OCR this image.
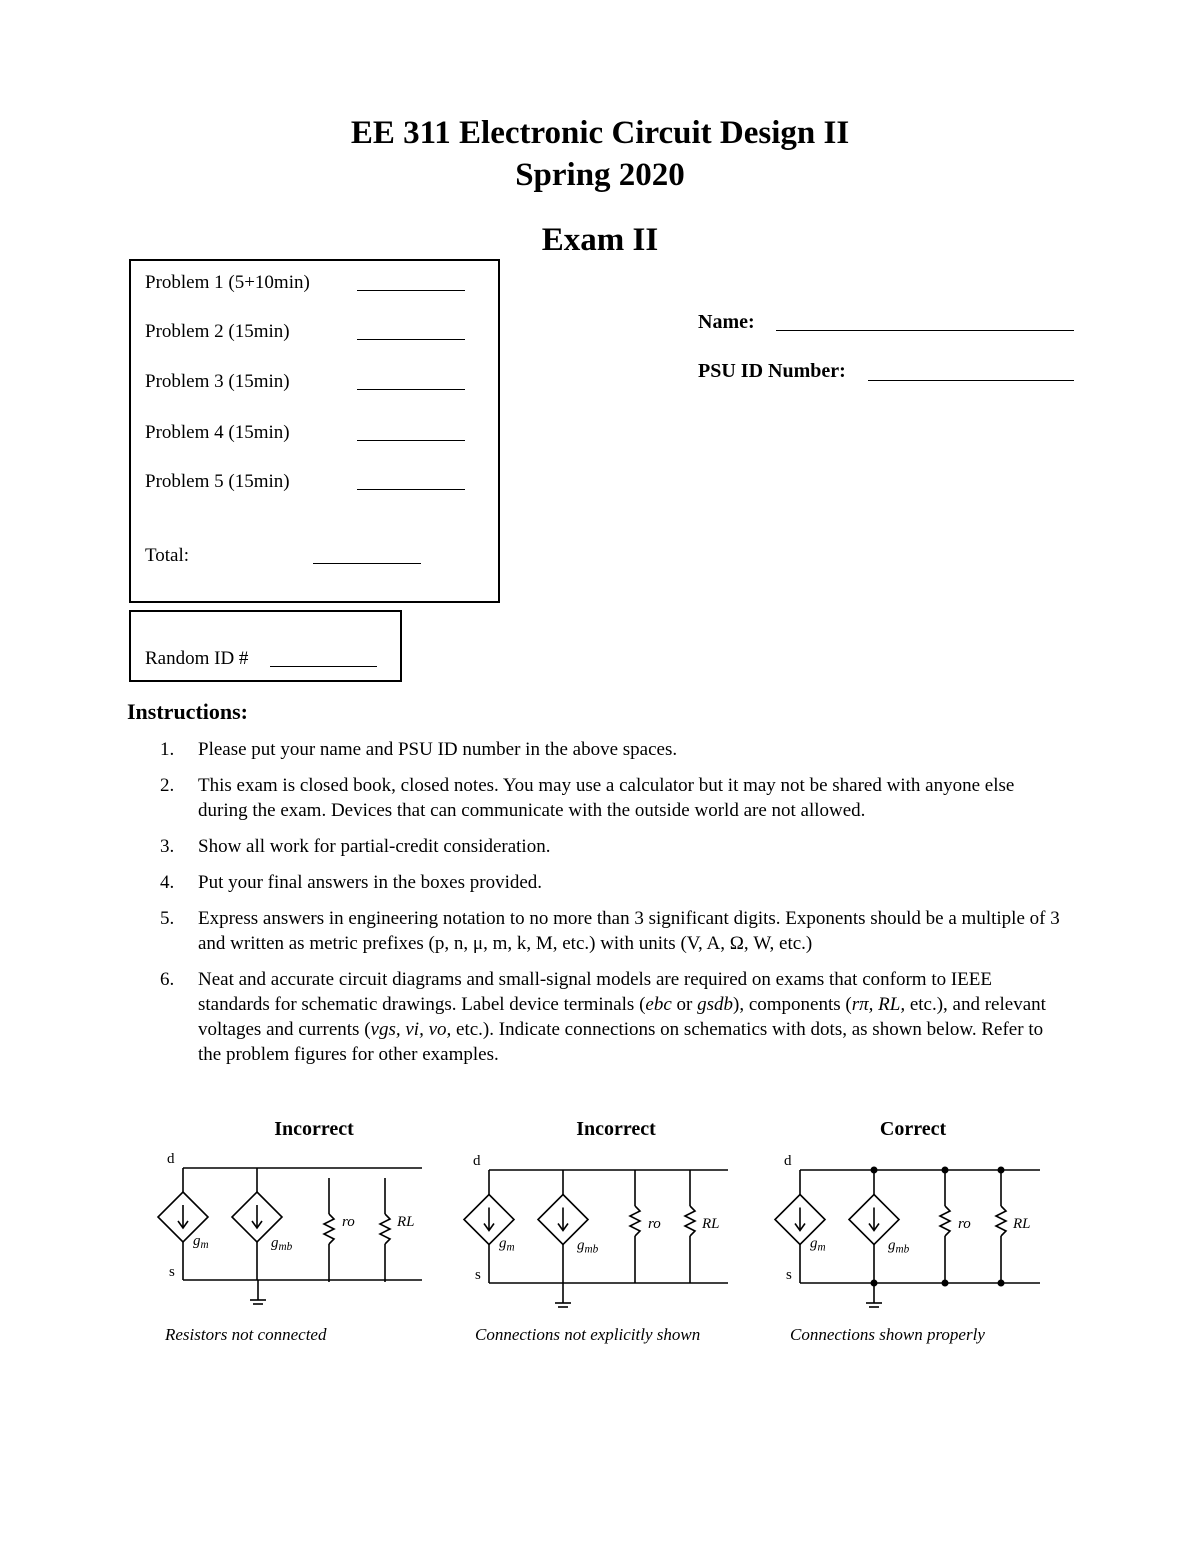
EE 311 Electronic Circuit Design II
Spring 2020
Exam II
Problem 1 (5+10min)
Problem 2 (15min)
Problem 3 (15min)
Problem 4 (15min)
Problem 5 (15min)
Total:
Random ID #
Name:
PSU ID Number:
Instructions:
1. Please put your name and PSU ID number in the above spaces.
2. This exam is closed book, closed notes. You may use a calculator but it may not be shared with anyone else during the exam. Devices that can communicate with the outside world are not allowed.
3. Show all work for partial-credit consideration.
4. Put your final answers in the boxes provided.
5. Express answers in engineering notation to no more than 3 significant digits. Exponents should be a multiple of 3 and written as metric prefixes (p, n, μ, m, k, M, etc.) with units (V, A, Ω, W, etc.)
6. Neat and accurate circuit diagrams and small-signal models are required on exams that conform to IEEE standards for schematic drawings. Label device terminals (ebc or gsdb), components (rπ, RL, etc.), and relevant voltages and currents (vgs, vi, vo, etc.). Indicate connections on schematics with dots, as shown below. Refer to the problem figures for other examples.
Incorrect	Incorrect	Correct
Resistors not connected	Connections not explicitly shown	Connections shown properly
d
s
$g_m$	$g_{mb}$
ro	RL
d
s
$g_m$	$g_{mb}$
ro	RL
d
s
$g_m$	$g_{mb}$
ro	RL
